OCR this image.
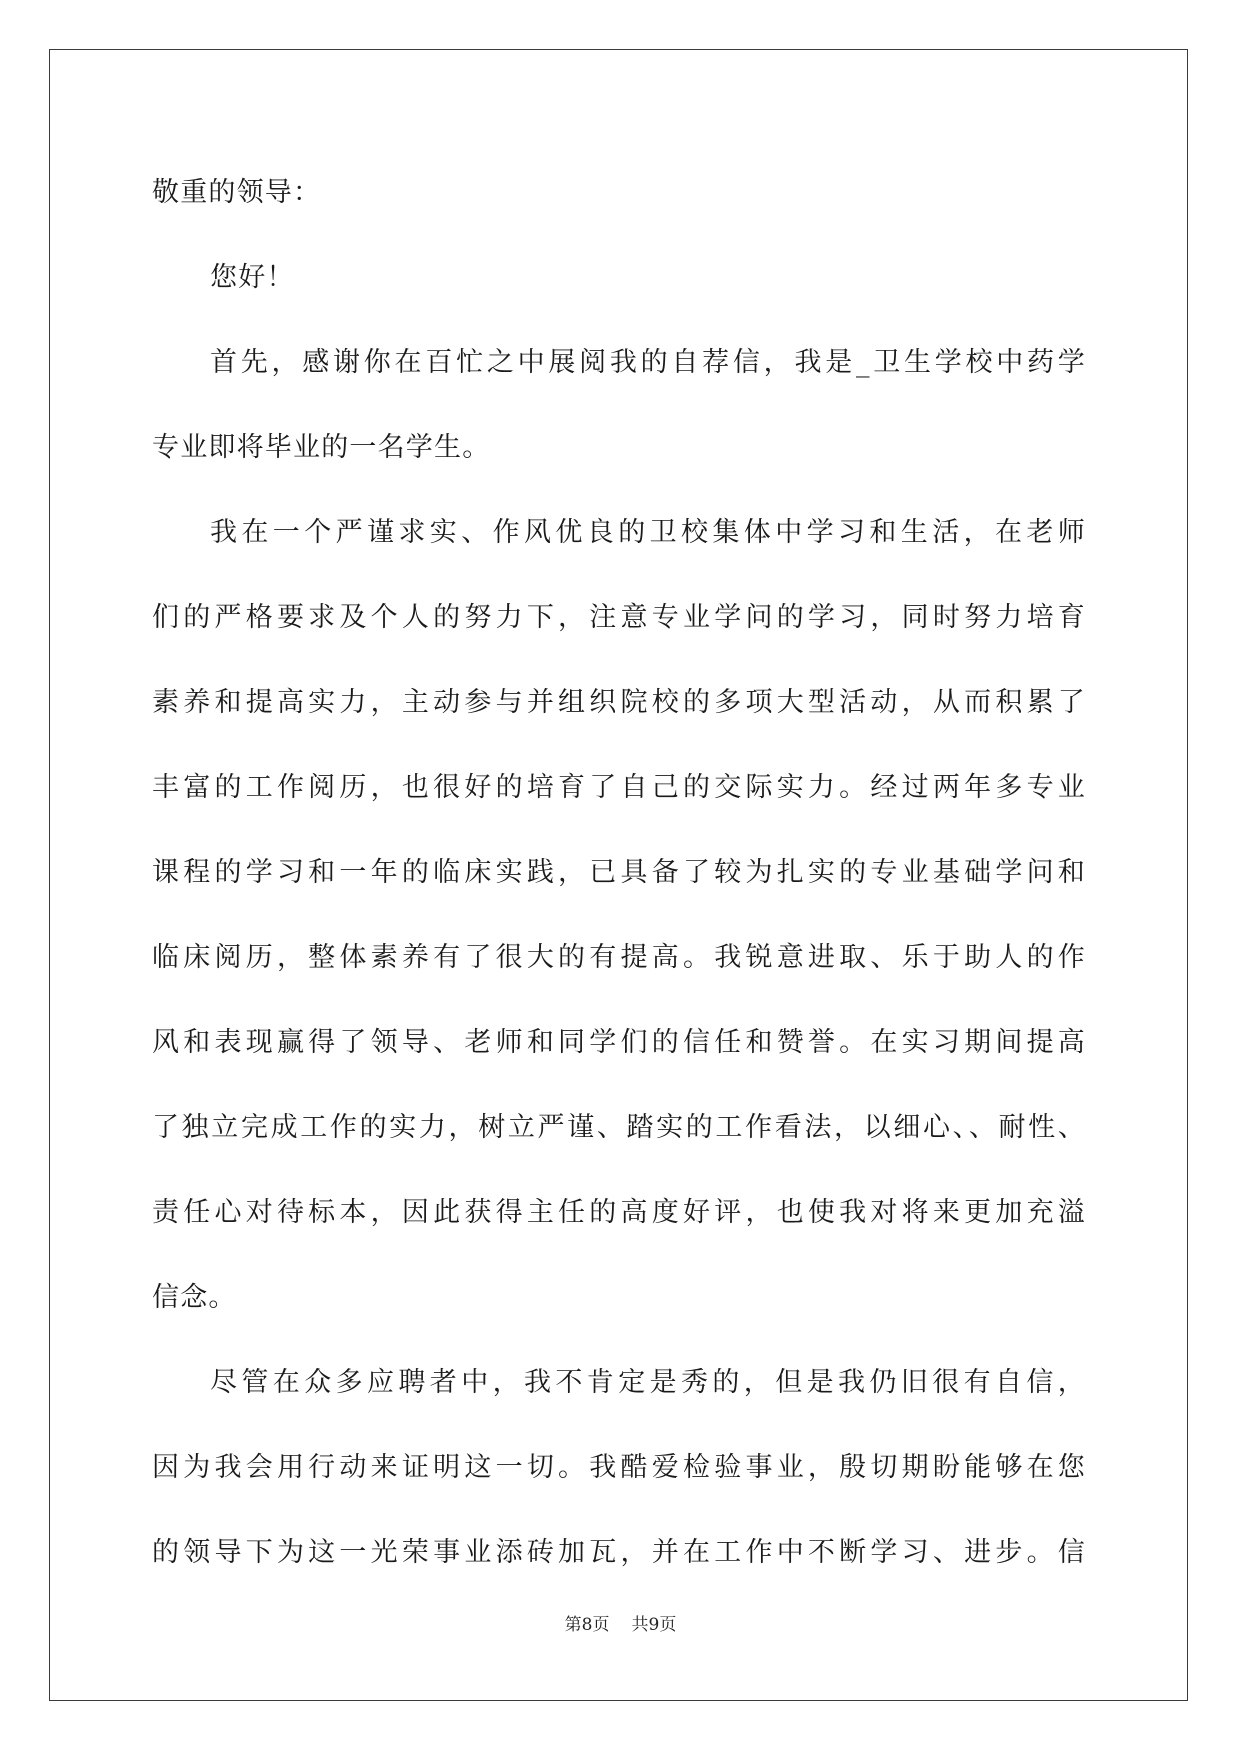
敬重的领导：
您好！
首先，感谢你在百忙之中展阅我的自荐信，我是_卫生学校中药学
专业即将毕业的一名学生。
我在一个严谨求实、作风优良的卫校集体中学习和生活，在老师
们的严格要求及个人的努力下，注意专业学问的学习，同时努力培育
素养和提高实力，主动参与并组织院校的多项大型活动，从而积累了
丰富的工作阅历，也很好的培育了自己的交际实力。经过两年多专业
课程的学习和一年的临床实践，已具备了较为扎实的专业基础学问和
临床阅历，整体素养有了很大的有提高。我锐意进取、乐于助人的作
风和表现赢得了领导、老师和同学们的信任和赞誉。在实习期间提高
了独立完成工作的实力，树立严谨、踏实的工作看法，以细心、、耐性、
责任心对待标本，因此获得主任的高度好评，也使我对将来更加充溢
信念。
尽管在众多应聘者中，我不肯定是秀的，但是我仍旧很有自信，
因为我会用行动来证明这一切。我酷爱检验事业，殷切期盼能够在您
的领导下为这一光荣事业添砖加瓦，并在工作中不断学习、进步。信
第8页 共9页
